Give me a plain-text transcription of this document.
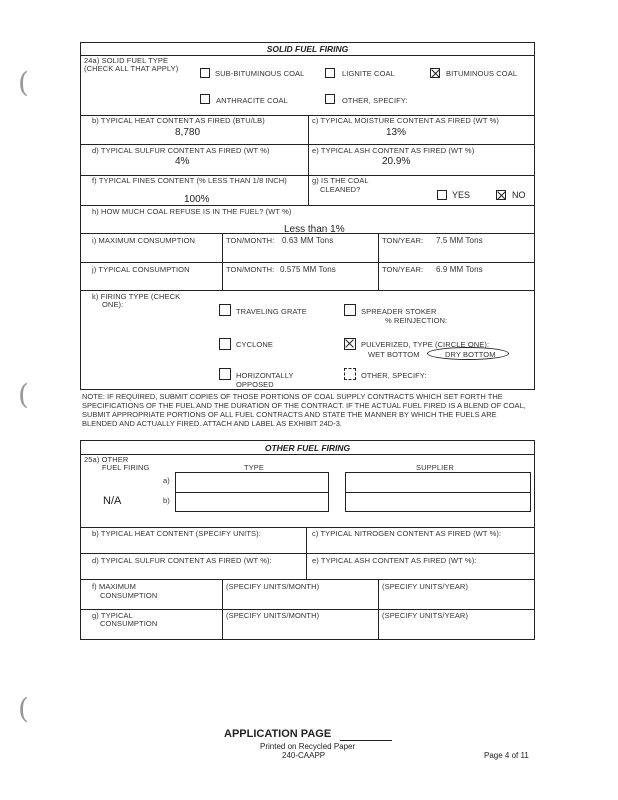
(
(
(
SOLID FUEL FIRING
24a) SOLID FUEL TYPE
(CHECK ALL THAT APPLY)
SUB-BITUMINOUS COAL	LIGNITE COAL	BITUMINOUS COAL
ANTHRACITE COAL	OTHER, SPECIFY:
b) TYPICAL HEAT CONTENT AS FIRED (BTU/LB)
8,780
c) TYPICAL MOISTURE CONTENT AS FIRED (WT %)
13%
d) TYPICAL SULFUR CONTENT AS FIRED (WT %)
4%
e) TYPICAL ASH CONTENT AS FIRED (WT %)
20.9%
f) TYPICAL FINES CONTENT (% LESS THAN 1/8 INCH)
100%
g) IS THE COAL
CLEANED?
YES	NO
h) HOW MUCH COAL REFUSE IS IN THE FUEL? (WT %)
Less than 1%
i) MAXIMUM CONSUMPTION	TON/MONTH: 0.63 MM Tons	TON/YEAR: 7.5 MM Tons
j) TYPICAL CONSUMPTION	TON/MONTH: 0.575 MM Tons	TON/YEAR: 6.9 MM Tons
k) FIRING TYPE (CHECK
ONE):
TRAVELING GRATE	SPREADER STOKER
% REINJECTION:
CYCLONE	PULVERIZED, TYPE (CIRCLE ONE):
WET BOTTOM	DRY BOTTOM
HORIZONTALLY
OPPOSED
OTHER, SPECIFY:
NOTE: IF REQUIRED, SUBMIT COPIES OF THOSE PORTIONS OF COAL SUPPLY CONTRACTS WHICH SET FORTH THE SPECIFICATIONS OF THE FUEL AND THE DURATION OF THE CONTRACT. IF THE ACTUAL FUEL FIRED IS A BLEND OF COAL, SUBMIT APPROPRIATE PORTIONS OF ALL FUEL CONTRACTS AND STATE THE MANNER BY WHICH THE FUELS ARE BLENDED AND ACTUALLY FIRED. ATTACH AND LABEL AS EXHIBIT 24D-3.
OTHER FUEL FIRING
25a) OTHER
FUEL FIRING	TYPE	SUPPLIER
a)
b)
N/A
b) TYPICAL HEAT CONTENT (SPECIFY UNITS):	c) TYPICAL NITROGEN CONTENT AS FIRED (WT %):
d) TYPICAL SULFUR CONTENT AS FIRED (WT %):	e) TYPICAL ASH CONTENT AS FIRED (WT %):
f) MAXIMUM
CONSUMPTION
(SPECIFY UNITS/MONTH)	(SPECIFY UNITS/YEAR)
g) TYPICAL
CONSUMPTION
(SPECIFY UNITS/MONTH)	(SPECIFY UNITS/YEAR)
APPLICATION PAGE
Printed on Recycled Paper
240-CAAPP	Page 4 of 11
